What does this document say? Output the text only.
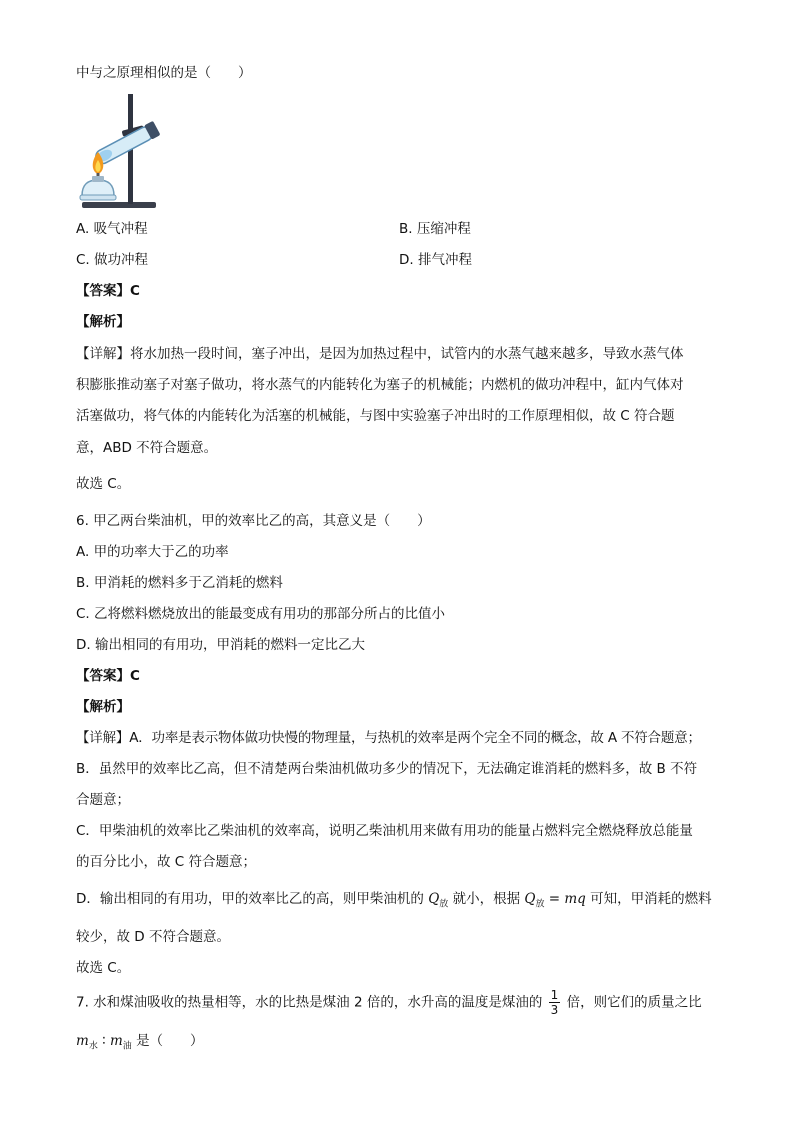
中与之原理相似的是（　　）
A. 吸气冲程	B. 压缩冲程
C. 做功冲程	D. 排气冲程
【答案】C
【解析】
【详解】将水加热一段时间，塞子冲出，是因为加热过程中，试管内的水蒸气越来越多，导致水蒸气体
积膨胀推动塞子对塞子做功，将水蒸气的内能转化为塞子的机械能；内燃机的做功冲程中，缸内气体对
活塞做功，将气体的内能转化为活塞的机械能，与图中实验塞子冲出时的工作原理相似，故 C 符合题
意，ABD 不符合题意。
故选 C。
6. 甲乙两台柴油机，甲的效率比乙的高，其意义是（　　）
A. 甲的功率大于乙的功率
B. 甲消耗的燃料多于乙消耗的燃料
C. 乙将燃料燃烧放出的能最变成有用功的那部分所占的比值小
D. 输出相同的有用功，甲消耗的燃料一定比乙大
【答案】C
【解析】
【详解】A．功率是表示物体做功快慢的物理量，与热机的效率是两个完全不同的概念，故 A 不符合题意；
B．虽然甲的效率比乙高，但不清楚两台柴油机做功多少的情况下，无法确定谁消耗的燃料多，故 B 不符
合题意；
C．甲柴油机的效率比乙柴油机的效率高，说明乙柴油机用来做有用功的能量占燃料完全燃烧释放总能量
的百分比小，故 C 符合题意；
D．输出相同的有用功，甲的效率比乙的高，则甲柴油机的 $Q_放$ 就小，根据 $Q_放$ = mq 可知，甲消耗的燃料
较少，故 D 不符合题意。
故选 C。
7. 水和煤油吸收的热量相等，水的比热是煤油 2 倍的，水升高的温度是煤油的 $\frac{1}{3}$ 倍，则它们的质量之比
$m_水$ ∶ $m_油$ 是（　　）
